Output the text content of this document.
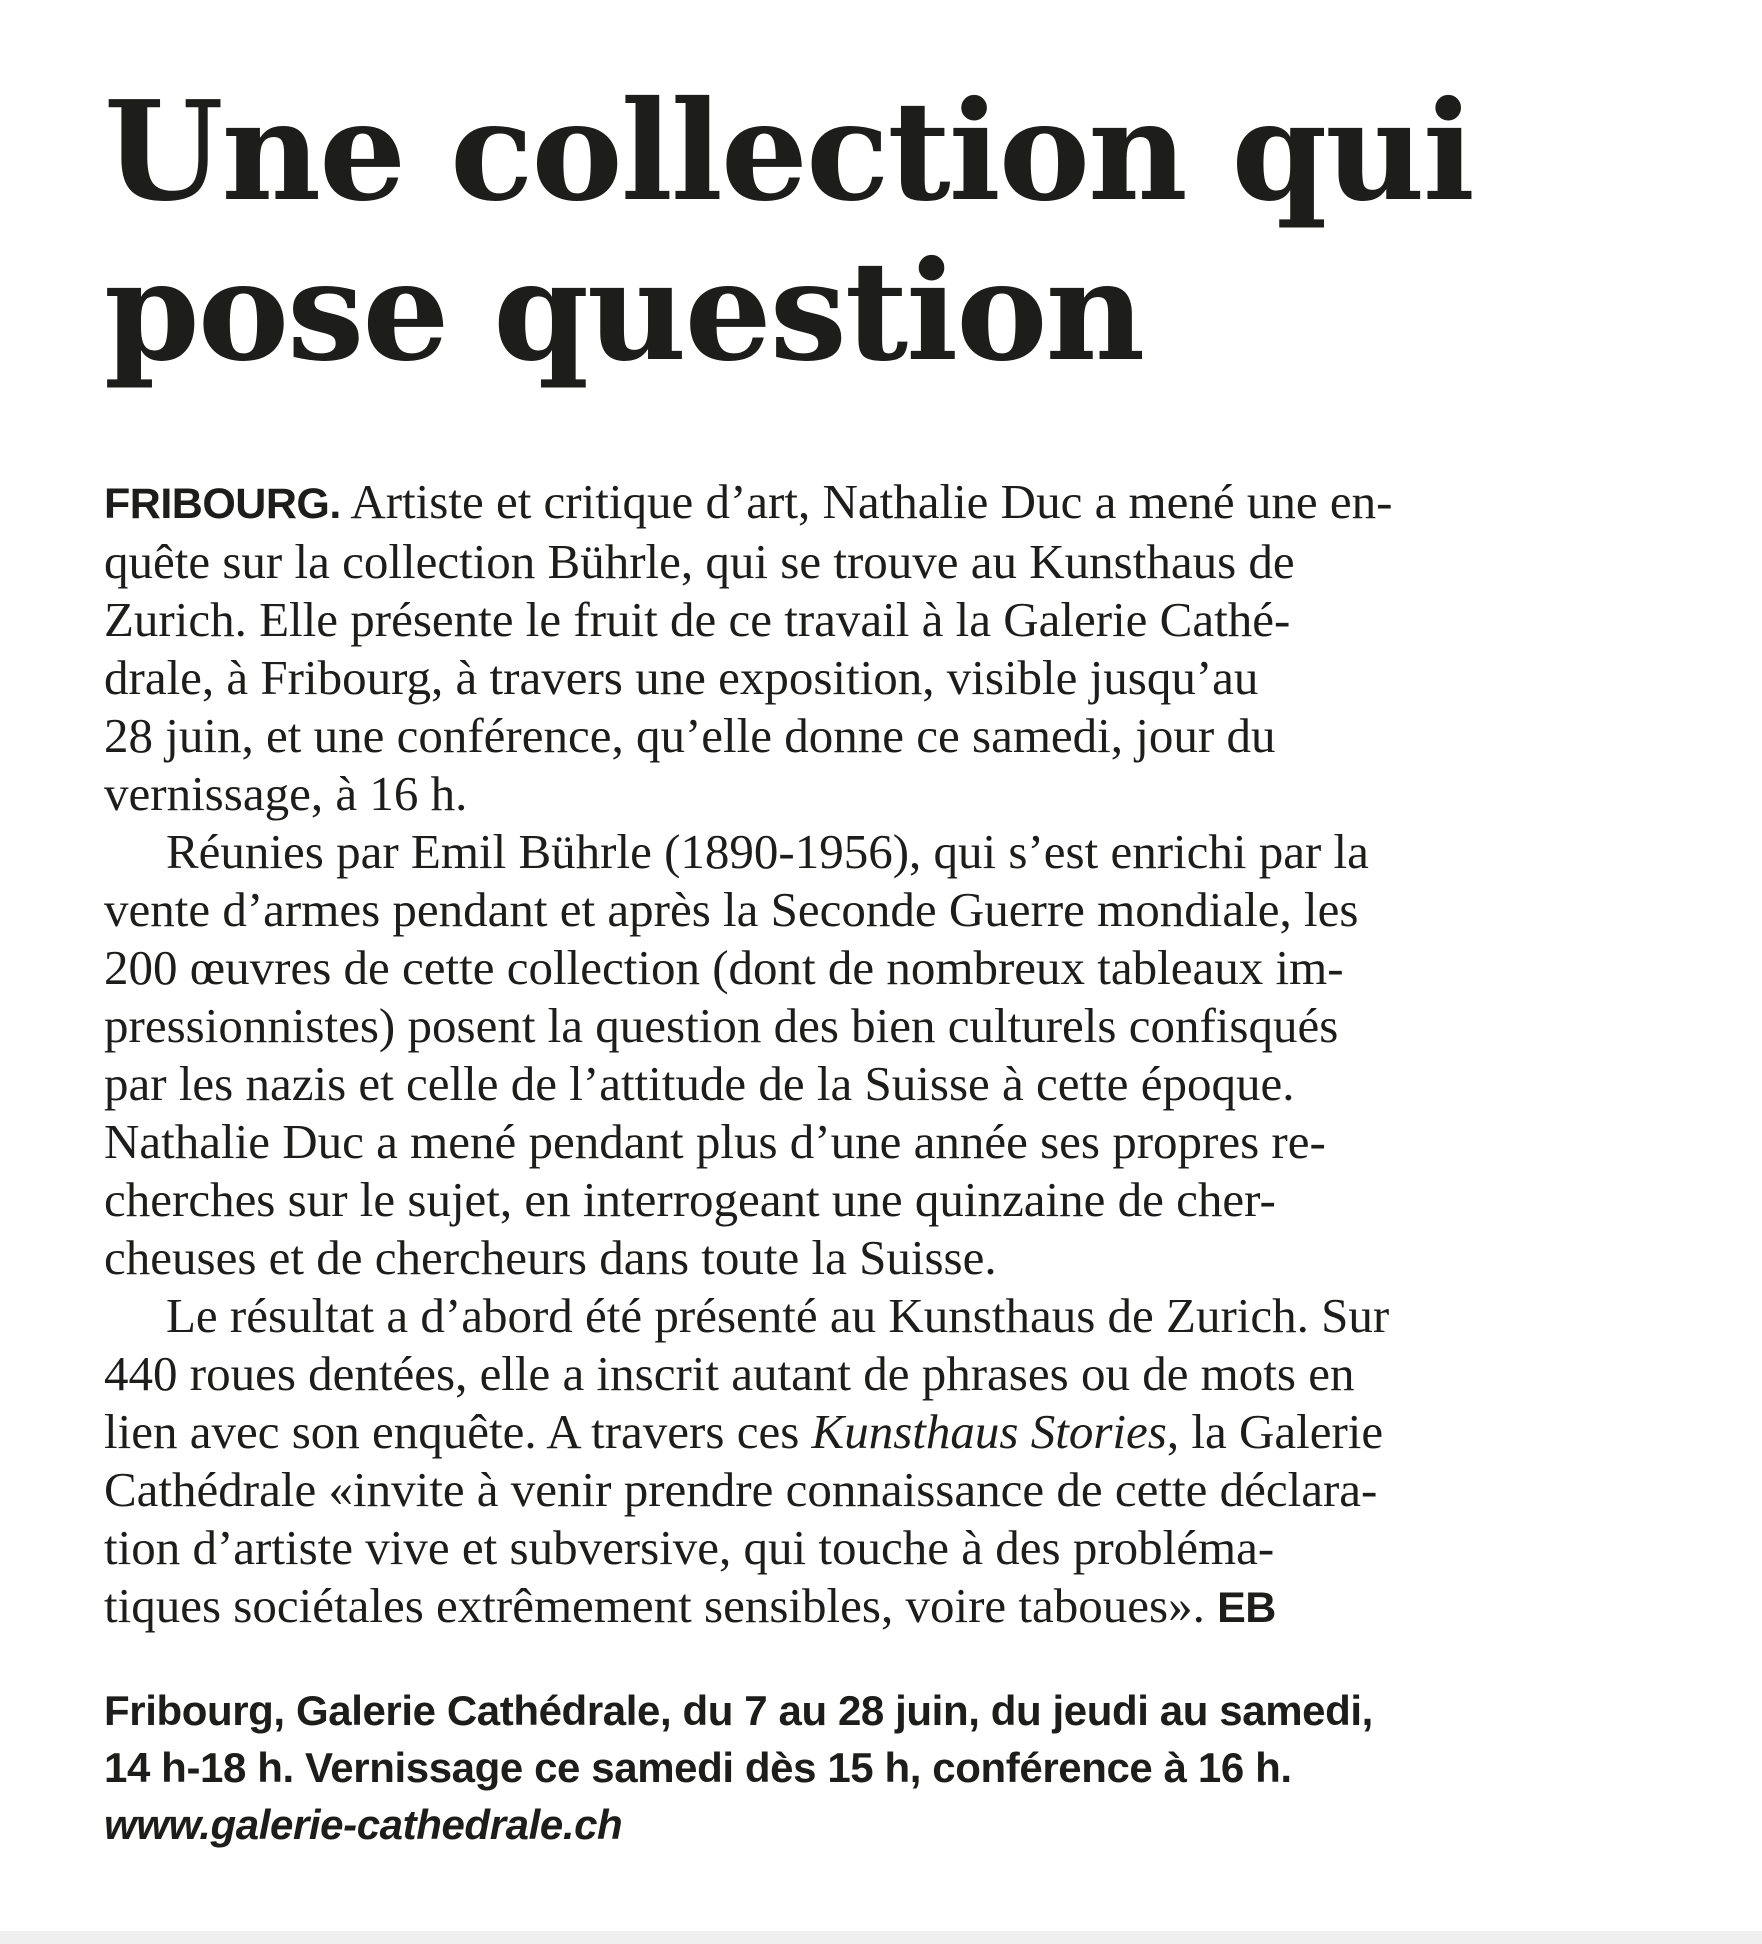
Une collection qui
pose question
FRIBOURG. Artiste et critique d’art, Nathalie Duc a mené une en-
quête sur la collection Bührle, qui se trouve au Kunsthaus de
Zurich. Elle présente le fruit de ce travail à la Galerie Cathé-
drale, à Fribourg, à travers une exposition, visible jusqu’au
28 juin, et une conférence, qu’elle donne ce samedi, jour du
vernissage, à 16 h.
Réunies par Emil Bührle (1890-1956), qui s’est enrichi par la
vente d’armes pendant et après la Seconde Guerre mondiale, les
200 œuvres de cette collection (dont de nombreux tableaux im-
pressionnistes) posent la question des bien culturels confisqués
par les nazis et celle de l’attitude de la Suisse à cette époque.
Nathalie Duc a mené pendant plus d’une année ses propres re-
cherches sur le sujet, en interrogeant une quinzaine de cher-
cheuses et de chercheurs dans toute la Suisse.
Le résultat a d’abord été présenté au Kunsthaus de Zurich. Sur
440 roues dentées, elle a inscrit autant de phrases ou de mots en
lien avec son enquête. A travers ces Kunsthaus Stories, la Galerie
Cathédrale «invite à venir prendre connaissance de cette déclara-
tion d’artiste vive et subversive, qui touche à des probléma-
tiques sociétales extrêmement sensibles, voire taboues». EB
Fribourg, Galerie Cathédrale, du 7 au 28 juin, du jeudi au samedi,
14 h-18 h. Vernissage ce samedi dès 15 h, conférence à 16 h.
www.galerie-cathedrale.ch
